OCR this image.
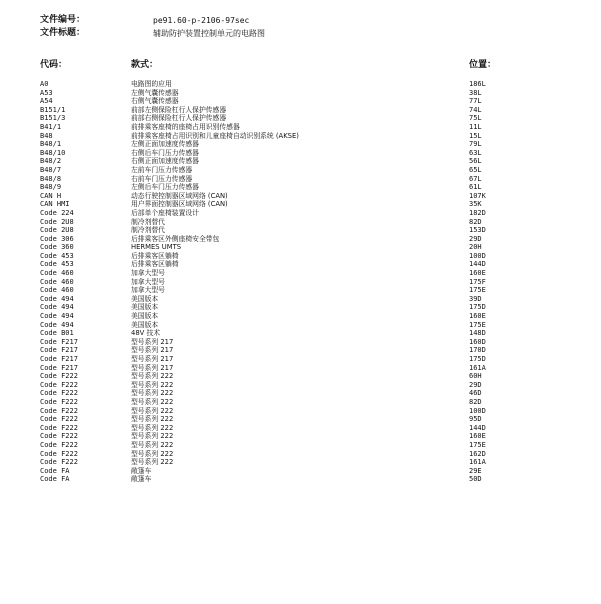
文件编号：	pe91.60-p-2106-97sec
文件标题：	辅助防护装置控制单元的电路图
代码：	款式：	位置：
A0	电路图的应用	186L
A53	左侧气囊传感器	38L
A54	右侧气囊传感器	77L
B151/1	前部左侧保险杠行人保护传感器	74L
B151/3	前部右侧保险杠行人保护传感器	75L
B41/1	前排乘客座椅的座椅占用识别传感器	11L
B48	前排乘客座椅占用识别和儿童座椅自动识别系统 (AKSE)	15L
B48/1	左侧正面加速度传感器	79L
B48/10	右侧后车门压力传感器	63L
B48/2	右侧正面加速度传感器	56L
B48/7	左前车门压力传感器	65L
B48/8	右前车门压力传感器	67L
B48/9	左侧后车门压力传感器	61L
CAN H	动态行驶控制器区域网络 (CAN)	107K
CAN HMI	用户界面控制器区域网络 (CAN)	35K
Code 224	后部单个座椅装置设计	182D
Code 2U8	制冷剂替代	82D
Code 2U8	制冷剂替代	153D
Code 306	后排乘客区外侧座椅安全带包	29D
Code 360	HERMES UMTS	20H
Code 453	后排乘客区躺椅	100D
Code 453	后排乘客区躺椅	144D
Code 460	加拿大型号	160E
Code 460	加拿大型号	175F
Code 460	加拿大型号	175E
Code 494	美国版本	39D
Code 494	美国版本	175D
Code 494	美国版本	160E
Code 494	美国版本	175E
Code B01	48V 技术	148D
Code F217	型号系列 217	160D
Code F217	型号系列 217	170D
Code F217	型号系列 217	175D
Code F217	型号系列 217	161A
Code F222	型号系列 222	60H
Code F222	型号系列 222	29D
Code F222	型号系列 222	46D
Code F222	型号系列 222	82D
Code F222	型号系列 222	100D
Code F222	型号系列 222	95D
Code F222	型号系列 222	144D
Code F222	型号系列 222	160E
Code F222	型号系列 222	175E
Code F222	型号系列 222	162D
Code F222	型号系列 222	161A
Code FA	敞篷车	29E
Code FA	敞篷车	50D
